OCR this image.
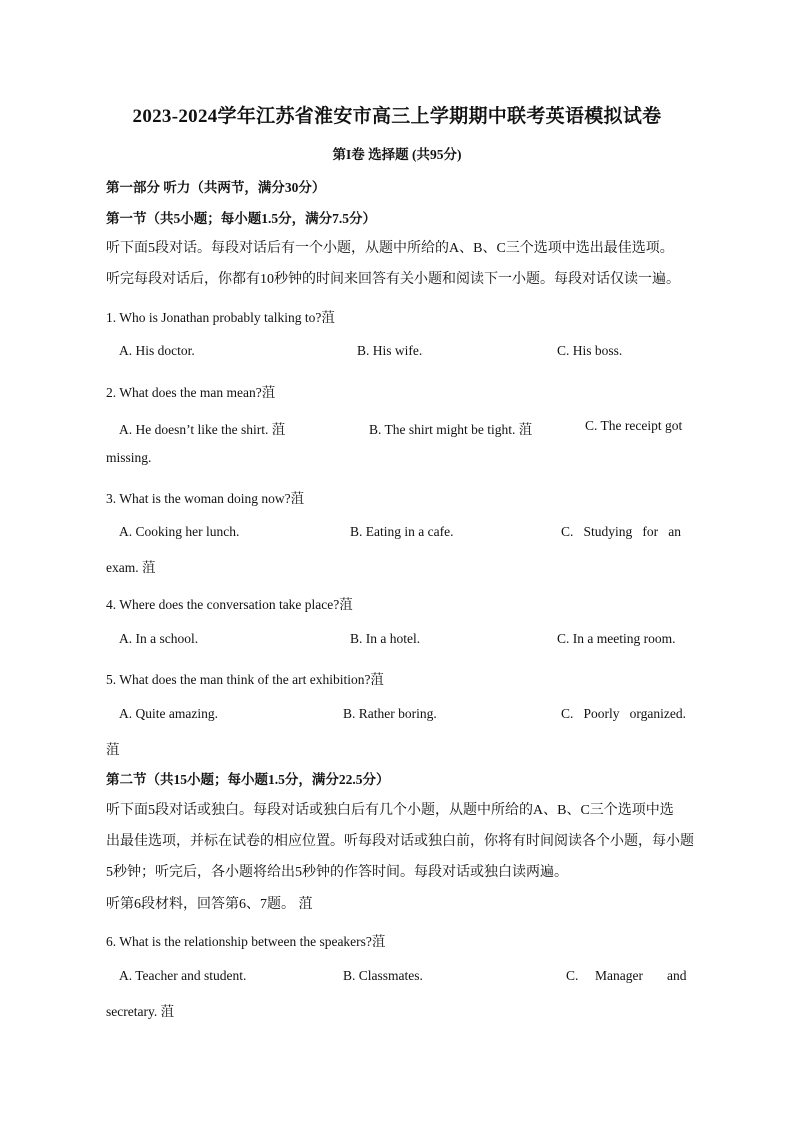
2023-2024学年江苏省淮安市高三上学期期中联考英语模拟试卷
第I卷 选择题 (共95分)
第一部分 听力（共两节，满分30分）
第一节（共5小题；每小题1.5分，满分7.5分）
听下面5段对话。每段对话后有一个小题，从题中所给的A、B、C三个选项中选出最佳选项。
听完每段对话后，你都有10秒钟的时间来回答有关小题和阅读下一小题。每段对话仅读一遍。
1. Who is Jonathan probably talking to?菹
A. His doctor.	B. His wife.	C. His boss.
2. What does the man mean?菹
A. He doesn’t like the shirt. 菹	B. The shirt might be tight. 菹	C. The receipt got
missing.
3. What is the woman doing now?菹
A. Cooking her lunch.	B. Eating in a cafe.	C.   Studying   for   an
exam. 菹
4. Where does the conversation take place?菹
A. In a school.	B. In a hotel.	C. In a meeting room.
5. What does the man think of the art exhibition?菹
A. Quite amazing.	B. Rather boring.	C.   Poorly   organized.
菹
第二节（共15小题；每小题1.5分，满分22.5分）
听下面5段对话或独白。每段对话或独白后有几个小题，从题中所给的A、B、C三个选项中选
出最佳选项，并标在试卷的相应位置。听每段对话或独白前，你将有时间阅读各个小题，每小题
5秒钟；听完后，各小题将给出5秒钟的作答时间。每段对话或独白读两遍。
听第6段材料，回答第6、7题。 菹
6. What is the relationship between the speakers?菹
A. Teacher and student.	B. Classmates.	C. Manager and
secretary. 菹
